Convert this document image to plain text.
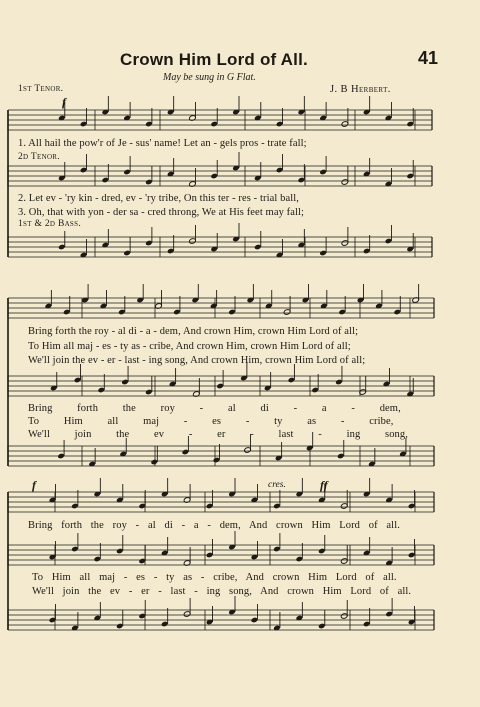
Crown Him Lord of All.	41
May be sung in G Flat.
1st Tenor.	J. B Herbert.
f
1. All hail the pow'r of Je - sus' name! Let an - gels pros - trate fall;
2d Tenor.
2. Let ev - 'ry kin - dred, ev - 'ry tribe, On this ter - res - trial ball,
3. Oh, that with yon - der sa - cred throng, We at His feet may fall;
1st & 2d Bass.
Bring forth the roy - al di - a - dem, And crown Him, crown Him Lord of all;
To Him all maj - es - ty as - cribe, And crown Him, crown Him Lord of all;
We'll join the ev - er - last - ing song, And crown Him, crown Him Lord of all;
Bring forth the roy - al di - a - dem,
To Him all maj - es - ty as - cribe,
We'll join the ev - er - last - ing song,
f	cres.	ff
Bring forth the roy - al di - a - dem, And crown Him Lord of all.
To Him all maj - es - ty as - cribe, And crown Him Lord of all.
We'll join the ev - er - last - ing song, And crown Him Lord of all.
